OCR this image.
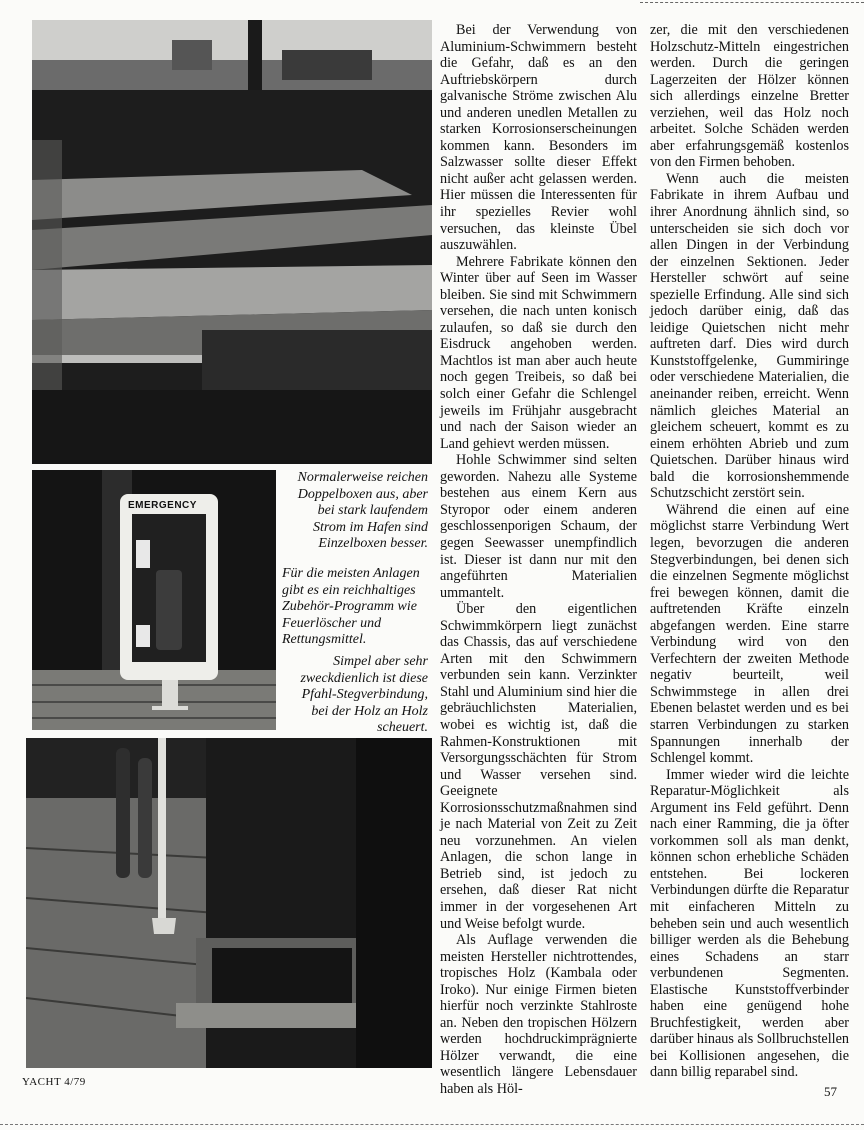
EMERGENCY

Normalerweise reichen Doppelboxen aus, aber bei stark laufendem Strom im Hafen sind Einzelboxen besser.

Für die meisten Anlagen gibt es ein reichhaltiges Zubehör-Programm wie Feuerlöscher und Rettungsmittel.

Simpel aber sehr zweckdienlich ist diese Pfahl-Stegverbindung, bei der Holz an Holz scheuert.

Bei der Verwendung von Aluminium-Schwimmern besteht die Gefahr, daß es an den Auftriebskörpern durch galvanische Ströme zwischen Alu und anderen unedlen Metallen zu starken Korrosionserscheinungen kommen kann. Besonders im Salzwasser sollte dieser Effekt nicht außer acht gelassen werden. Hier müssen die Interessenten für ihr spezielles Revier wohl versuchen, das kleinste Übel auszuwählen.

Mehrere Fabrikate können den Winter über auf Seen im Wasser bleiben. Sie sind mit Schwimmern versehen, die nach unten konisch zulaufen, so daß sie durch den Eisdruck angehoben werden. Machtlos ist man aber auch heute noch gegen Treibeis, so daß bei solch einer Gefahr die Schlengel jeweils im Frühjahr ausgebracht und nach der Saison wieder an Land gehievt werden müssen.

Hohle Schwimmer sind selten geworden. Nahezu alle Systeme bestehen aus einem Kern aus Styropor oder einem anderen geschlossenporigen Schaum, der gegen Seewasser unempfindlich ist. Dieser ist dann nur mit den angeführten Materialien ummantelt.

Über den eigentlichen Schwimmkörpern liegt zunächst das Chassis, das auf verschiedene Arten mit den Schwimmern verbunden sein kann. Verzinkter Stahl und Aluminium sind hier die gebräuchlichsten Materialien, wobei es wichtig ist, daß die Rahmen-Konstruktionen mit Versorgungsschächten für Strom und Wasser versehen sind. Geeignete Korrosionsschutzmaßnahmen sind je nach Material von Zeit zu Zeit neu vorzunehmen. An vielen Anlagen, die schon lange in Betrieb sind, ist jedoch zu ersehen, daß dieser Rat nicht immer in der vorgesehenen Art und Weise befolgt wurde.

Als Auflage verwenden die meisten Hersteller nichtrottendes, tropisches Holz (Kambala oder Iroko). Nur einige Firmen bieten hierfür noch verzinkte Stahlroste an. Neben den tropischen Hölzern werden hochdruckimprägnierte Hölzer verwandt, die eine wesentlich längere Lebensdauer haben als Höl-

zer, die mit den verschiedenen Holzschutz-Mitteln eingestrichen werden. Durch die geringen Lagerzeiten der Hölzer können sich allerdings einzelne Bretter verziehen, weil das Holz noch arbeitet. Solche Schäden werden aber erfahrungsgemäß kostenlos von den Firmen behoben.

Wenn auch die meisten Fabrikate in ihrem Aufbau und ihrer Anordnung ähnlich sind, so unterscheiden sie sich doch vor allen Dingen in der Verbindung der einzelnen Sektionen. Jeder Hersteller schwört auf seine spezielle Erfindung. Alle sind sich jedoch darüber einig, daß das leidige Quietschen nicht mehr auftreten darf. Dies wird durch Kunststoffgelenke, Gummiringe oder verschiedene Materialien, die aneinander reiben, erreicht. Wenn nämlich gleiches Material an gleichem scheuert, kommt es zu einem erhöhten Abrieb und zum Quietschen. Darüber hinaus wird bald die korrosionshemmende Schutzschicht zerstört sein.

Während die einen auf eine möglichst starre Verbindung Wert legen, bevorzugen die anderen Stegverbindungen, bei denen sich die einzelnen Segmente möglichst frei bewegen können, damit die auftretenden Kräfte einzeln abgefangen werden. Eine starre Verbindung wird von den Verfechtern der zweiten Methode negativ beurteilt, weil Schwimmstege in allen drei Ebenen belastet werden und es bei starren Verbindungen zu starken Spannungen innerhalb der Schlengel kommt.

Immer wieder wird die leichte Reparatur-Möglichkeit als Argument ins Feld geführt. Denn nach einer Ramming, die ja öfter vorkommen soll als man denkt, können schon erhebliche Schäden entstehen. Bei lockeren Verbindungen dürfte die Reparatur mit einfacheren Mitteln zu beheben sein und auch wesentlich billiger werden als die Behebung eines Schadens an starr verbundenen Segmenten. Elastische Kunststoffverbinder haben eine genügend hohe Bruchfestigkeit, werden aber darüber hinaus als Sollbruchstellen bei Kollisionen angesehen, die dann billig reparabel sind.

YACHT 4/79
57
